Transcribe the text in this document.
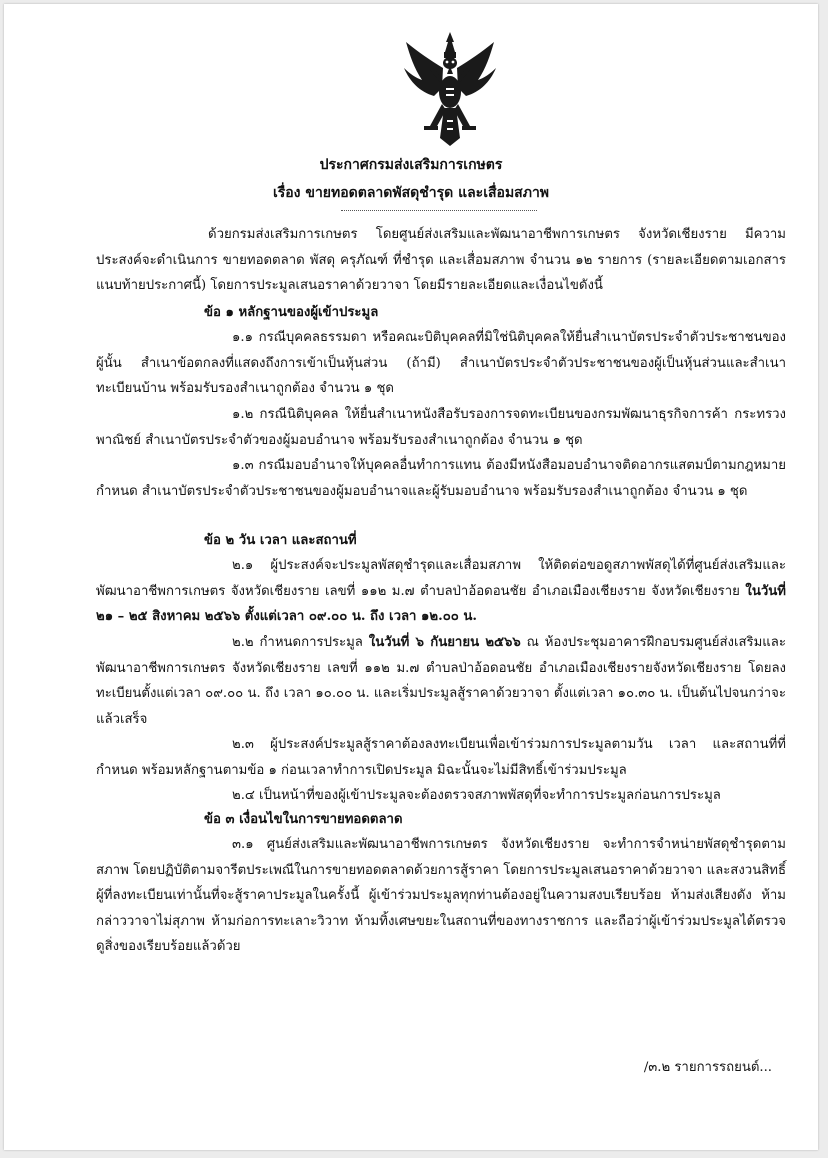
ประกาศกรมส่งเสริมการเกษตร
เรื่อง ขายทอดตลาดพัสดุชำรุด และเสื่อมสภาพ

ด้วยกรมส่งเสริมการเกษตร โดยศูนย์ส่งเสริมและพัฒนาอาชีพการเกษตร จังหวัดเชียงราย มีความประสงค์จะดำเนินการ ขายทอดตลาด พัสดุ ครุภัณฑ์ ที่ชำรุด และเสื่อมสภาพ จำนวน ๑๒ รายการ (รายละเอียดตามเอกสารแนบท้ายประกาศนี้) โดยการประมูลเสนอราคาด้วยวาจา โดยมีรายละเอียดและเงื่อนไขดังนี้

ข้อ ๑ หลักฐานของผู้เข้าประมูล

๑.๑ กรณีบุคคลธรรมดา หรือคณะบิติบุคคลที่มิใช่นิติบุคคลให้ยื่นสำเนาบัตรประจำตัวประชาชนของผู้นั้น สำเนาข้อตกลงที่แสดงถึงการเข้าเป็นหุ้นส่วน (ถ้ามี) สำเนาบัตรประจำตัวประชาชนของผู้เป็นหุ้นส่วนและสำเนาทะเบียนบ้าน พร้อมรับรองสำเนาถูกต้อง จำนวน ๑ ชุด

๑.๒ กรณีนิติบุคคล ให้ยื่นสำเนาหนังสือรับรองการจดทะเบียนของกรมพัฒนาธุรกิจการค้า กระทรวงพาณิชย์ สำเนาบัตรประจำตัวของผู้มอบอำนาจ พร้อมรับรองสำเนาถูกต้อง จำนวน ๑ ชุด

๑.๓ กรณีมอบอำนาจให้บุคคลอื่นทำการแทน ต้องมีหนังสือมอบอำนาจติดอากรแสตมป์ตามกฎหมายกำหนด สำเนาบัตรประจำตัวประชาชนของผู้มอบอำนาจและผู้รับมอบอำนาจ พร้อมรับรองสำเนาถูกต้อง จำนวน ๑ ชุด

ข้อ ๒ วัน เวลา และสถานที่

๒.๑ ผู้ประสงค์จะประมูลพัสดุชำรุดและเสื่อมสภาพ ให้ติดต่อขอดูสภาพพัสดุได้ที่ศูนย์ส่งเสริมและพัฒนาอาชีพการเกษตร จังหวัดเชียงราย เลขที่ ๑๑๒ ม.๗ ตำบลป่าอ้อดอนชัย อำเภอเมืองเชียงราย จังหวัดเชียงราย ในวันที่ ๒๑ – ๒๕ สิงหาคม ๒๕๖๖ ตั้งแต่เวลา ๐๙.๐๐ น. ถึง เวลา ๑๒.๐๐ น.

๒.๒ กำหนดการประมูล ในวันที่ ๖ กันยายน ๒๕๖๖ ณ ห้องประชุมอาคารฝึกอบรมศูนย์ส่งเสริมและพัฒนาอาชีพการเกษตร จังหวัดเชียงราย เลขที่ ๑๑๒ ม.๗ ตำบลป่าอ้อดอนชัย อำเภอเมืองเชียงรายจังหวัดเชียงราย โดยลงทะเบียนตั้งแต่เวลา ๐๙.๐๐ น. ถึง เวลา ๑๐.๐๐ น. และเริ่มประมูลสู้ราคาด้วยวาจา ตั้งแต่เวลา ๑๐.๓๐ น. เป็นต้นไปจนกว่าจะแล้วเสร็จ

๒.๓ ผู้ประสงค์ประมูลสู้ราคาต้องลงทะเบียนเพื่อเข้าร่วมการประมูลตามวัน เวลา และสถานที่ที่กำหนด พร้อมหลักฐานตามข้อ ๑ ก่อนเวลาทำการเปิดประมูล มิฉะนั้นจะไม่มีสิทธิ์เข้าร่วมประมูล

๒.๔ เป็นหน้าที่ของผู้เข้าประมูลจะต้องตรวจสภาพพัสดุที่จะทำการประมูลก่อนการประมูล

ข้อ ๓ เงื่อนไขในการขายทอดตลาด

๓.๑ ศูนย์ส่งเสริมและพัฒนาอาชีพการเกษตร จังหวัดเชียงราย จะทำการจำหน่ายพัสดุชำรุดตามสภาพ โดยปฏิบัติตามจารีตประเพณีในการขายทอดตลาดด้วยการสู้ราคา โดยการประมูลเสนอราคาด้วยวาจา และสงวนสิทธิ์ผู้ที่ลงทะเบียนเท่านั้นที่จะสู้ราคาประมูลในครั้งนี้ ผู้เข้าร่วมประมูลทุกท่านต้องอยู่ในความสงบเรียบร้อย ห้ามส่งเสียงดัง ห้ามกล่าววาจาไม่สุภาพ ห้ามก่อการทะเลาะวิวาท ห้ามทิ้งเศษขยะในสถานที่ของทางราชการ และถือว่าผู้เข้าร่วมประมูลได้ตรวจดูสิ่งของเรียบร้อยแล้วด้วย

/๓.๒ รายการรถยนต์...
